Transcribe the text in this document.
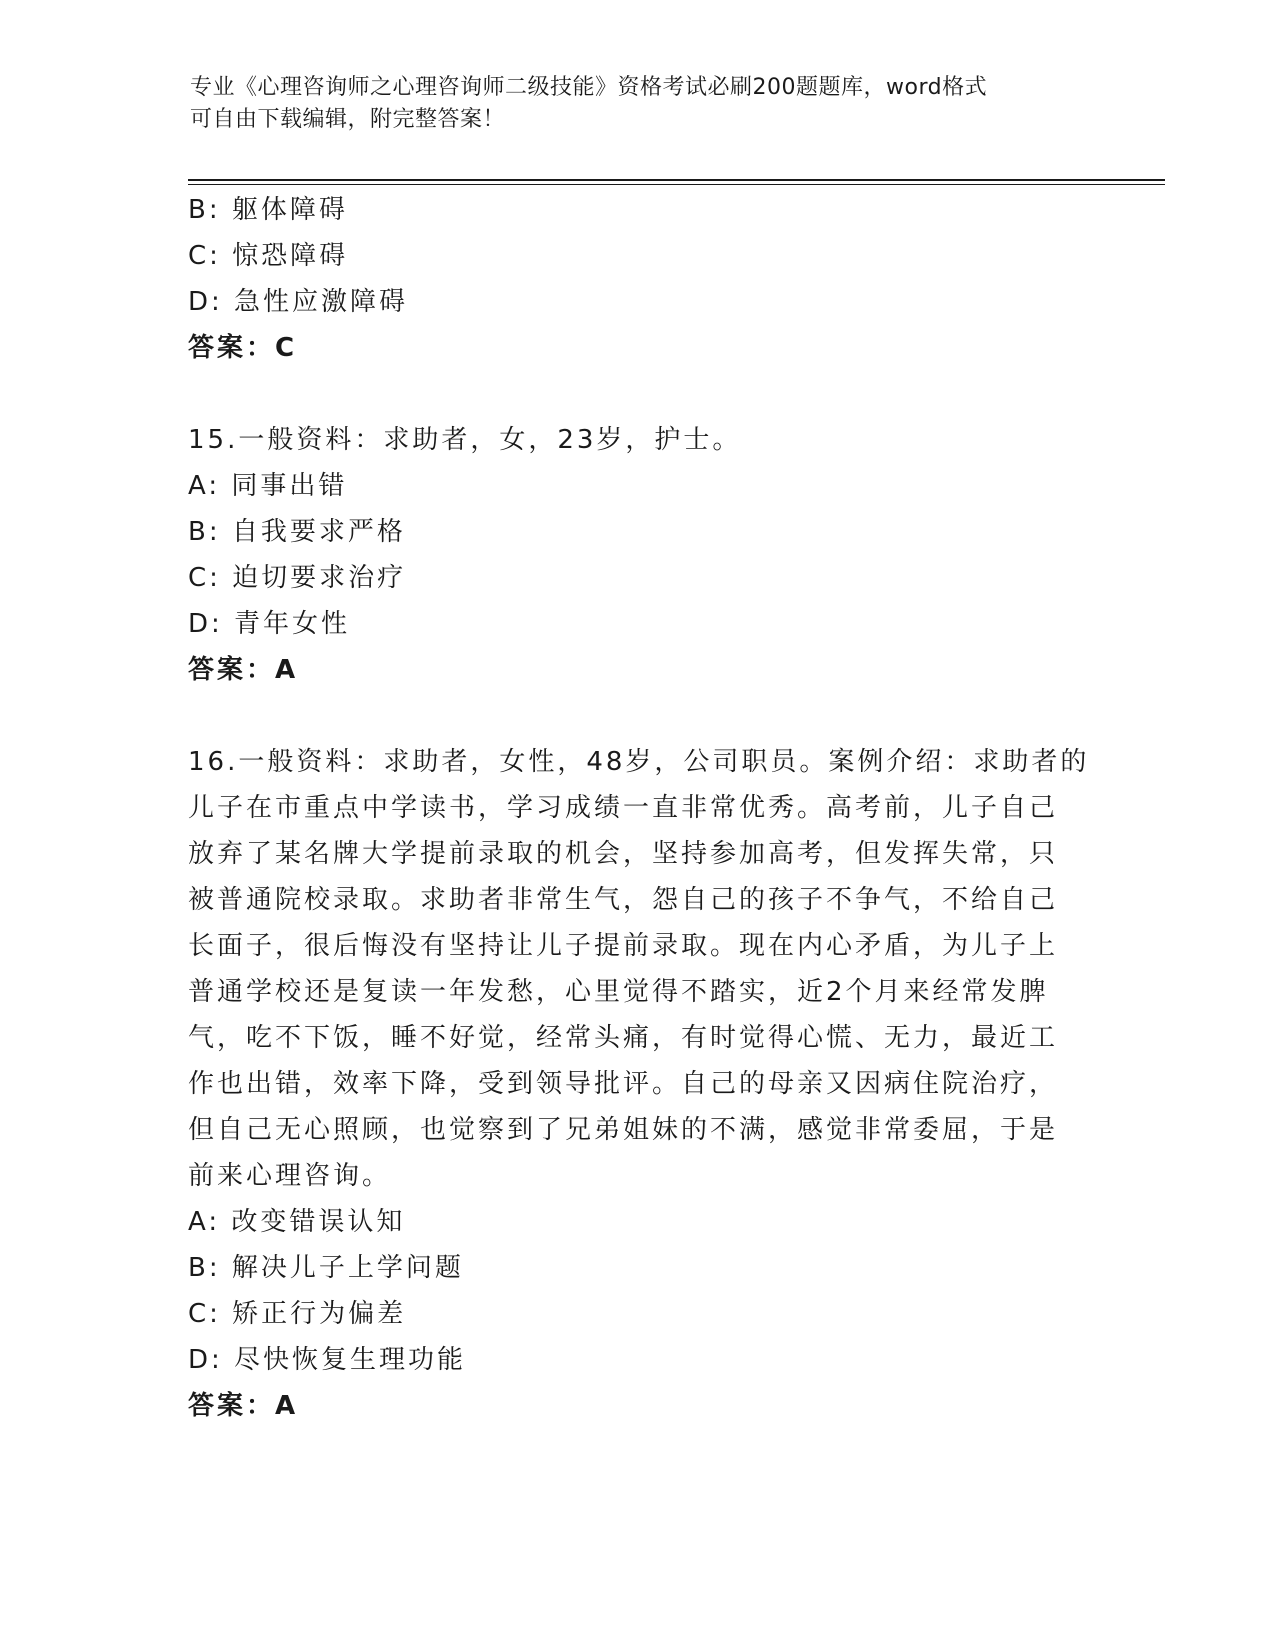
专业《心理咨询师之心理咨询师二级技能》资格考试必刷200题题库，word格式
可自由下载编辑，附完整答案！
B: 躯体障碍
C: 惊恐障碍
D: 急性应激障碍
答案：C
15.一般资料：求助者，女，23岁，护士。
A: 同事出错
B: 自我要求严格
C: 迫切要求治疗
D: 青年女性
答案：A
16.一般资料：求助者，女性，48岁，公司职员。案例介绍：求助者的
儿子在市重点中学读书，学习成绩一直非常优秀。高考前，儿子自己
放弃了某名牌大学提前录取的机会，坚持参加高考，但发挥失常，只
被普通院校录取。求助者非常生气，怨自己的孩子不争气，不给自己
长面子，很后悔没有坚持让儿子提前录取。现在内心矛盾，为儿子上
普通学校还是复读一年发愁，心里觉得不踏实，近2个月来经常发脾
气，吃不下饭，睡不好觉，经常头痛，有时觉得心慌、无力，最近工
作也出错，效率下降，受到领导批评。自己的母亲又因病住院治疗，
但自己无心照顾，也觉察到了兄弟姐妹的不满，感觉非常委屈，于是
前来心理咨询。
A: 改变错误认知
B: 解决儿子上学问题
C: 矫正行为偏差
D: 尽快恢复生理功能
答案：A
